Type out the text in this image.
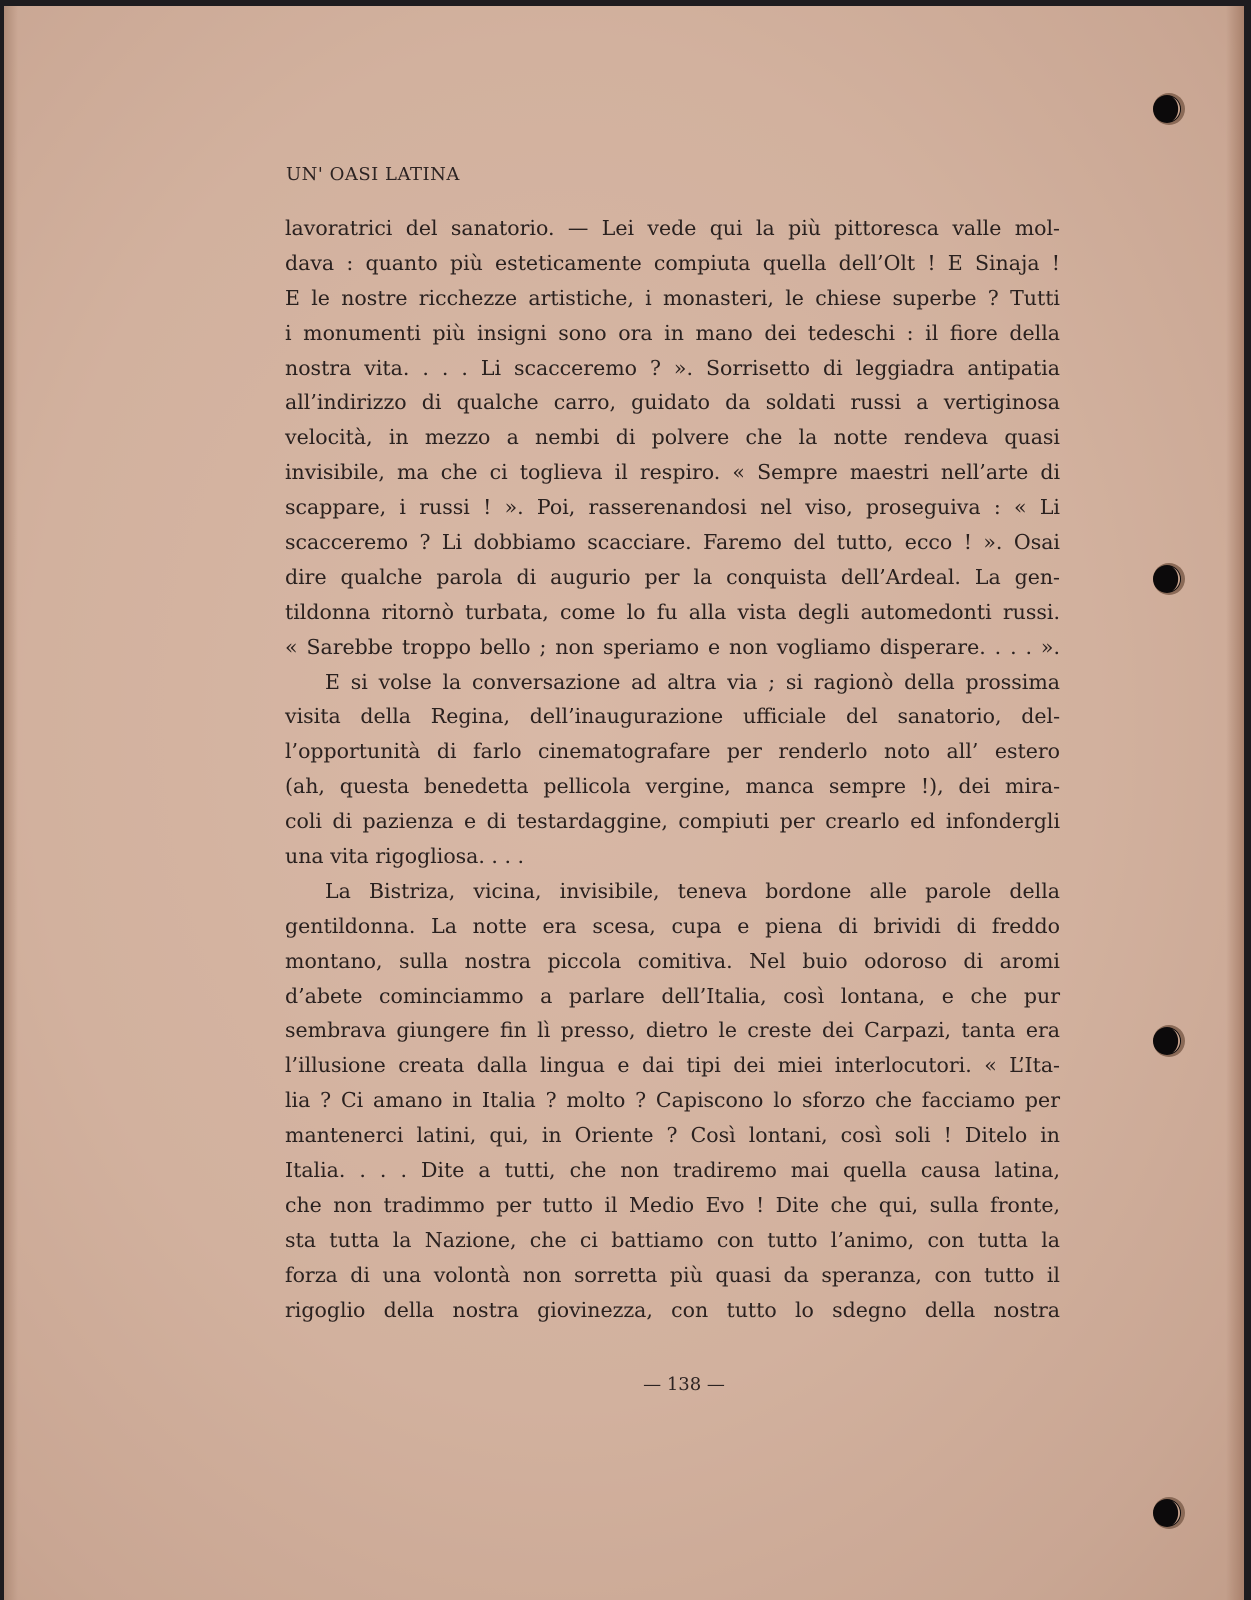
UN' OASI LATINA
lavoratrici del sanatorio. — Lei vede qui la più pittoresca valle mol-
dava : quanto più esteticamente compiuta quella dell’Olt ! E Sinaja !
E le nostre ricchezze artistiche, i monasteri, le chiese superbe ? Tutti
i monumenti più insigni sono ora in mano dei tedeschi : il fiore della
nostra vita. . . . Li scacceremo ? ». Sorrisetto di leggiadra antipatia
all’indirizzo di qualche carro, guidato da soldati russi a vertiginosa
velocità, in mezzo a nembi di polvere che la notte rendeva quasi
invisibile, ma che ci toglieva il respiro. « Sempre maestri nell’arte di
scappare, i russi ! ». Poi, rasserenandosi nel viso, proseguiva : « Li
scacceremo ? Li dobbiamo scacciare. Faremo del tutto, ecco ! ». Osai
dire qualche parola di augurio per la conquista dell’Ardeal. La gen-
tildonna ritornò turbata, come lo fu alla vista degli automedonti russi.
« Sarebbe troppo bello ; non speriamo e non vogliamo disperare. . . . ».
E si volse la conversazione ad altra via ; si ragionò della prossima
visita della Regina, dell’inaugurazione ufficiale del sanatorio, del-
l’opportunità di farlo cinematografare per renderlo noto all’ estero
(ah, questa benedetta pellicola vergine, manca sempre !), dei mira-
coli di pazienza e di testardaggine, compiuti per crearlo ed infondergli
una vita rigogliosa. . . .
La Bistriza, vicina, invisibile, teneva bordone alle parole della
gentildonna. La notte era scesa, cupa e piena di brividi di freddo
montano, sulla nostra piccola comitiva. Nel buio odoroso di aromi
d’abete cominciammo a parlare dell’Italia, così lontana, e che pur
sembrava giungere fin lì presso, dietro le creste dei Carpazi, tanta era
l’illusione creata dalla lingua e dai tipi dei miei interlocutori. « L’Ita-
lia ? Ci amano in Italia ? molto ? Capiscono lo sforzo che facciamo per
mantenerci latini, qui, in Oriente ? Così lontani, così soli ! Ditelo in
Italia. . . . Dite a tutti, che non tradiremo mai quella causa latina,
che non tradimmo per tutto il Medio Evo ! Dite che qui, sulla fronte,
sta tutta la Nazione, che ci battiamo con tutto l’animo, con tutta la
forza di una volontà non sorretta più quasi da speranza, con tutto il
rigoglio della nostra giovinezza, con tutto lo sdegno della nostra
— 138 —
